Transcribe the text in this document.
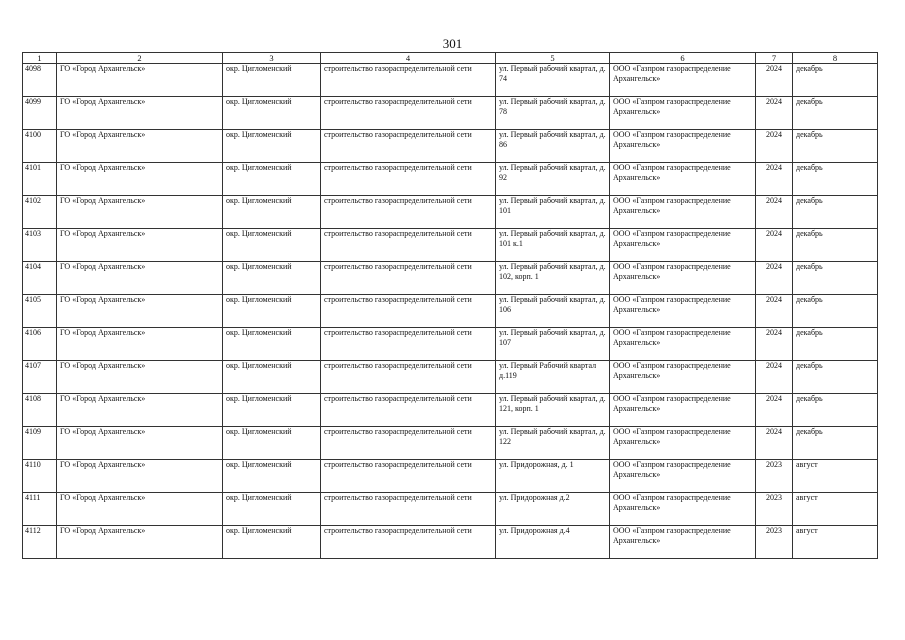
301
1	2	3	4	5	6	7	8
4098	ГО «Город Архангельск»	окр. Цигломенский	строительство газораспределительной сети	ул. Первый рабочий квартал, д. 74	ООО «Газпром газораспределение Архангельск»	2024	декабрь
4099	ГО «Город Архангельск»	окр. Цигломенский	строительство газораспределительной сети	ул. Первый рабочий квартал, д. 78	ООО «Газпром газораспределение Архангельск»	2024	декабрь
4100	ГО «Город Архангельск»	окр. Цигломенский	строительство газораспределительной сети	ул. Первый рабочий квартал, д. 86	ООО «Газпром газораспределение Архангельск»	2024	декабрь
4101	ГО «Город Архангельск»	окр. Цигломенский	строительство газораспределительной сети	ул. Первый рабочий квартал, д. 92	ООО «Газпром газораспределение Архангельск»	2024	декабрь
4102	ГО «Город Архангельск»	окр. Цигломенский	строительство газораспределительной сети	ул. Первый рабочий квартал, д. 101	ООО «Газпром газораспределение Архангельск»	2024	декабрь
4103	ГО «Город Архангельск»	окр. Цигломенский	строительство газораспределительной сети	ул. Первый рабочий квартал, д. 101 к.1	ООО «Газпром газораспределение Архангельск»	2024	декабрь
4104	ГО «Город Архангельск»	окр. Цигломенский	строительство газораспределительной сети	ул. Первый рабочий квартал, д. 102, корп. 1	ООО «Газпром газораспределение Архангельск»	2024	декабрь
4105	ГО «Город Архангельск»	окр. Цигломенский	строительство газораспределительной сети	ул. Первый рабочий квартал, д. 106	ООО «Газпром газораспределение Архангельск»	2024	декабрь
4106	ГО «Город Архангельск»	окр. Цигломенский	строительство газораспределительной сети	ул. Первый рабочий квартал, д. 107	ООО «Газпром газораспределение Архангельск»	2024	декабрь
4107	ГО «Город Архангельск»	окр. Цигломенский	строительство газораспределительной сети	ул. Первый Рабочий квартал д.119	ООО «Газпром газораспределение Архангельск»	2024	декабрь
4108	ГО «Город Архангельск»	окр. Цигломенский	строительство газораспределительной сети	ул. Первый рабочий квартал, д. 121, корп. 1	ООО «Газпром газораспределение Архангельск»	2024	декабрь
4109	ГО «Город Архангельск»	окр. Цигломенский	строительство газораспределительной сети	ул. Первый рабочий квартал, д. 122	ООО «Газпром газораспределение Архангельск»	2024	декабрь
4110	ГО «Город Архангельск»	окр. Цигломенский	строительство газораспределительной сети	ул. Придорожная, д. 1	ООО «Газпром газораспределение Архангельск»	2023	август
4111	ГО «Город Архангельск»	окр. Цигломенский	строительство газораспределительной сети	ул. Придорожная д.2	ООО «Газпром газораспределение Архангельск»	2023	август
4112	ГО «Город Архангельск»	окр. Цигломенский	строительство газораспределительной сети	ул. Придорожная д.4	ООО «Газпром газораспределение Архангельск»	2023	август
